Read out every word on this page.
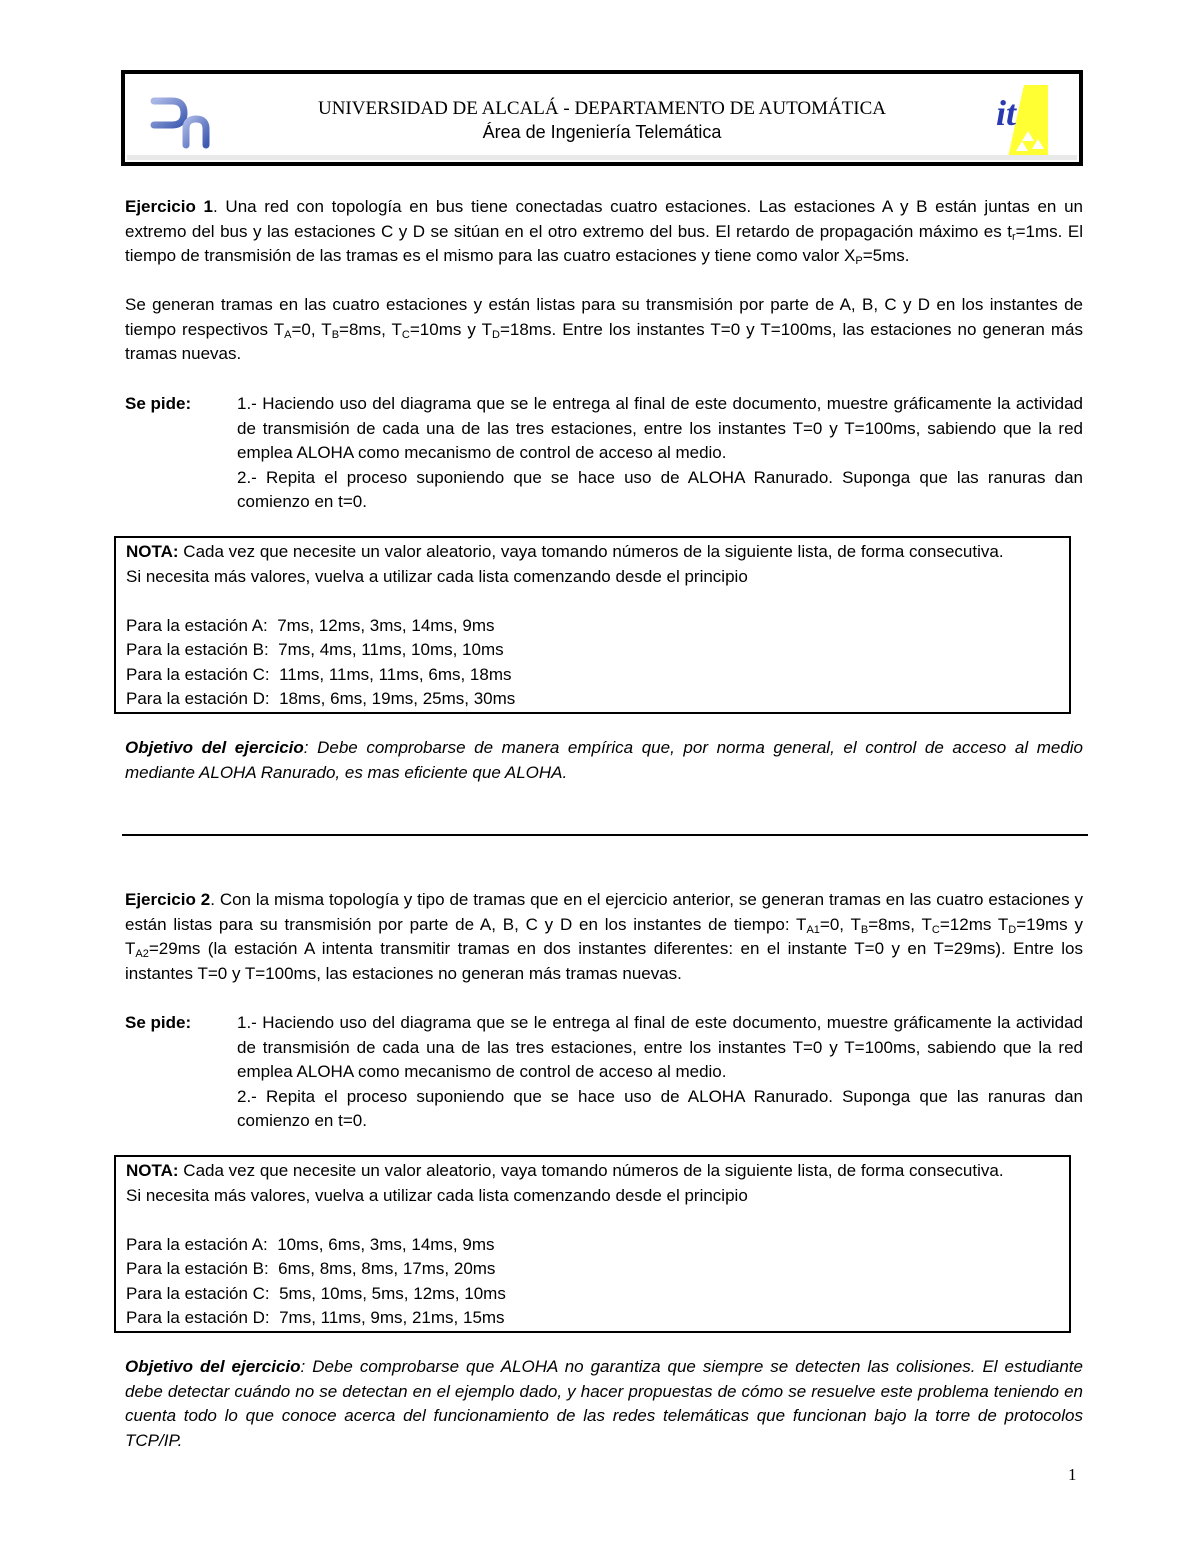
Dn
UNIVERSIDAD DE ALCALÁ - DEPARTAMENTO DE AUTOMÁTICA
Área de Ingeniería Telemática	it
Ejercicio 1. Una red con topología en bus tiene conectadas cuatro estaciones. Las estaciones A y B están juntas en un extremo del bus y las estaciones C y D se sitúan en el otro extremo del bus. El retardo de propagación máximo es $t_r=1ms$. El tiempo de transmisión de las tramas es el mismo para las cuatro estaciones y tiene como valor $X_P=5ms$.
Se generan tramas en las cuatro estaciones y están listas para su transmisión por parte de A, B, C y D en los instantes de tiempo respectivos $T_A=0$, $T_B=8ms$, $T_C=10ms$ y $T_D=18ms$. Entre los instantes T=0 y T=100ms, las estaciones no generan más tramas nuevas.
Se pide:	1.- Haciendo uso del diagrama que se le entrega al final de este documento, muestre gráficamente la actividad de transmisión de cada una de las tres estaciones, entre los instantes T=0 y T=100ms, sabiendo que la red emplea ALOHA como mecanismo de control de acceso al medio.
2.- Repita el proceso suponiendo que se hace uso de ALOHA Ranurado. Suponga que las ranuras dan comienzo en t=0.

NOTA: Cada vez que necesite un valor aleatorio, vaya tomando números de la siguiente lista, de forma consecutiva.

Si necesita más valores, vuelva a utilizar cada lista comenzando desde el principio

Para la estación A: 7ms, 12ms, 3ms, 14ms, 9ms

Para la estación B: 7ms, 4ms, 11ms, 10ms, 10ms

Para la estación C: 11ms, 11ms, 11ms, 6ms, 18ms

Para la estación D: 18ms, 6ms, 19ms, 25ms, 30ms

Objetivo del ejercicio: Debe comprobarse de manera empírica que, por norma general, el control de acceso al medio mediante ALOHA Ranurado, es mas eficiente que ALOHA.
Ejercicio 2. Con la misma topología y tipo de tramas que en el ejercicio anterior, se generan tramas en las cuatro estaciones y están listas para su transmisión por parte de A, B, C y D en los instantes de tiempo: $T_{A1}=0$, $T_B=8ms$, $T_C=12ms$ $T_D=19ms$ y $T_{A2}=29ms$ (la estación A intenta transmitir tramas en dos instantes diferentes: en el instante T=0 y en T=29ms). Entre los instantes T=0 y T=100ms, las estaciones no generan más tramas nuevas.
Se pide:	1.- Haciendo uso del diagrama que se le entrega al final de este documento, muestre gráficamente la actividad de transmisión de cada una de las tres estaciones, entre los instantes T=0 y T=100ms, sabiendo que la red emplea ALOHA como mecanismo de control de acceso al medio.
2.- Repita el proceso suponiendo que se hace uso de ALOHA Ranurado. Suponga que las ranuras dan comienzo en t=0.

NOTA: Cada vez que necesite un valor aleatorio, vaya tomando números de la siguiente lista, de forma consecutiva.

Si necesita más valores, vuelva a utilizar cada lista comenzando desde el principio

Para la estación A: 10ms, 6ms, 3ms, 14ms, 9ms

Para la estación B: 6ms, 8ms, 8ms, 17ms, 20ms

Para la estación C: 5ms, 10ms, 5ms, 12ms, 10ms

Para la estación D: 7ms, 11ms, 9ms, 21ms, 15ms

Objetivo del ejercicio: Debe comprobarse que ALOHA no garantiza que siempre se detecten las colisiones. El estudiante debe detectar cuándo no se detectan en el ejemplo dado, y hacer propuestas de cómo se resuelve este problema teniendo en cuenta todo lo que conoce acerca del funcionamiento de las redes telemáticas que funcionan bajo la torre de protocolos TCP/IP.
1
